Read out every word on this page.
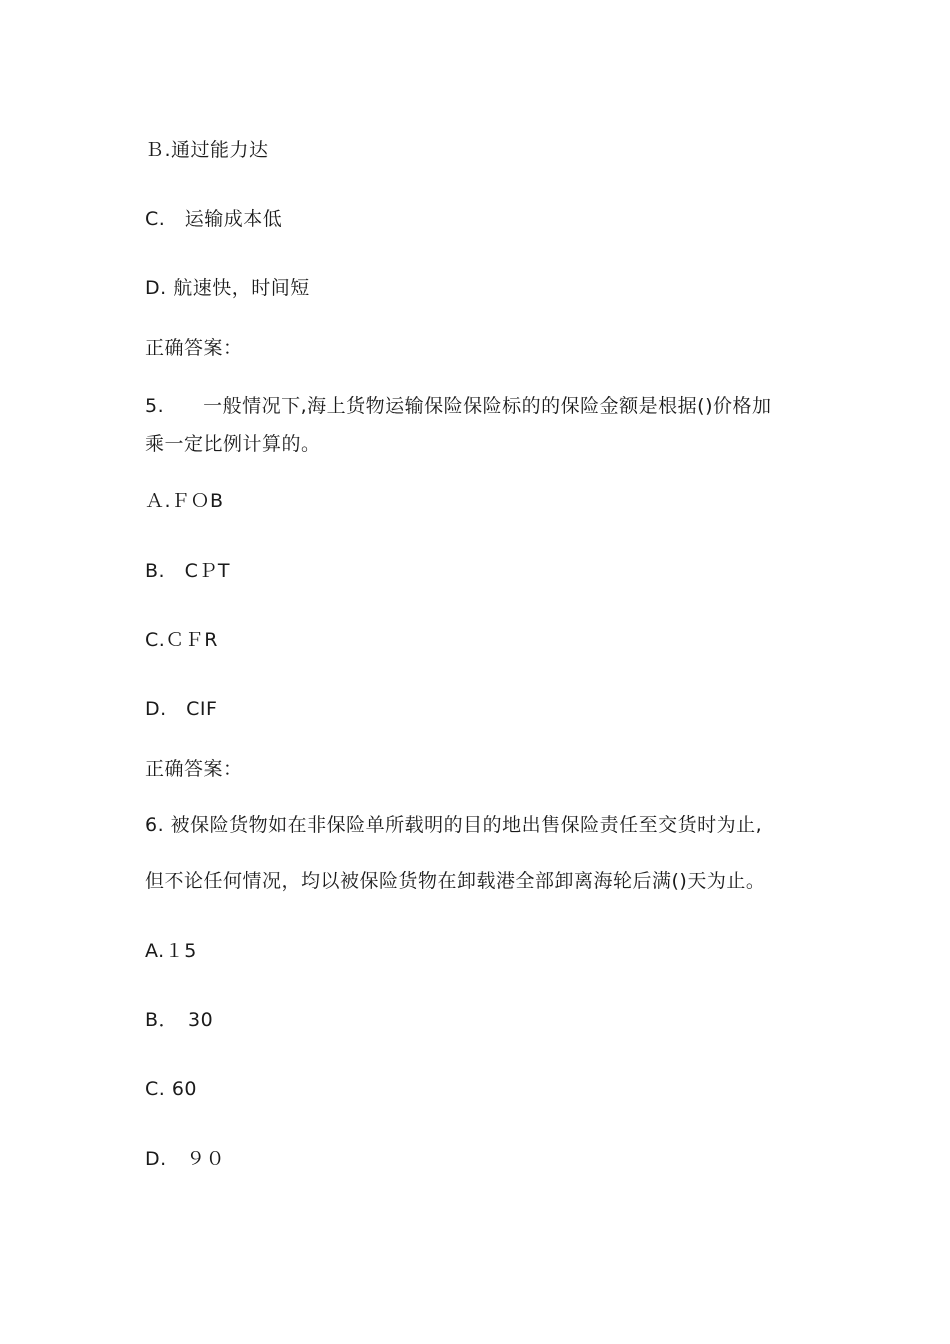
Ｂ.通过能力达
C.　运输成本低
D. 航速快，时间短
正确答案：
5.　　一般情况下,海上货物运输保险保险标的的保险金额是根据()价格加
乘一定比例计算的。
Ａ.ＦＯB
B.　CＰT
C.ＣＦR
D.　CIF
正确答案：
6. 被保险货物如在非保险单所载明的目的地出售保险责任至交货时为止,
但不论任何情况，均以被保险货物在卸载港全部卸离海轮后满()天为止。
A.１5
B．　30
C. 60
D.　９０
